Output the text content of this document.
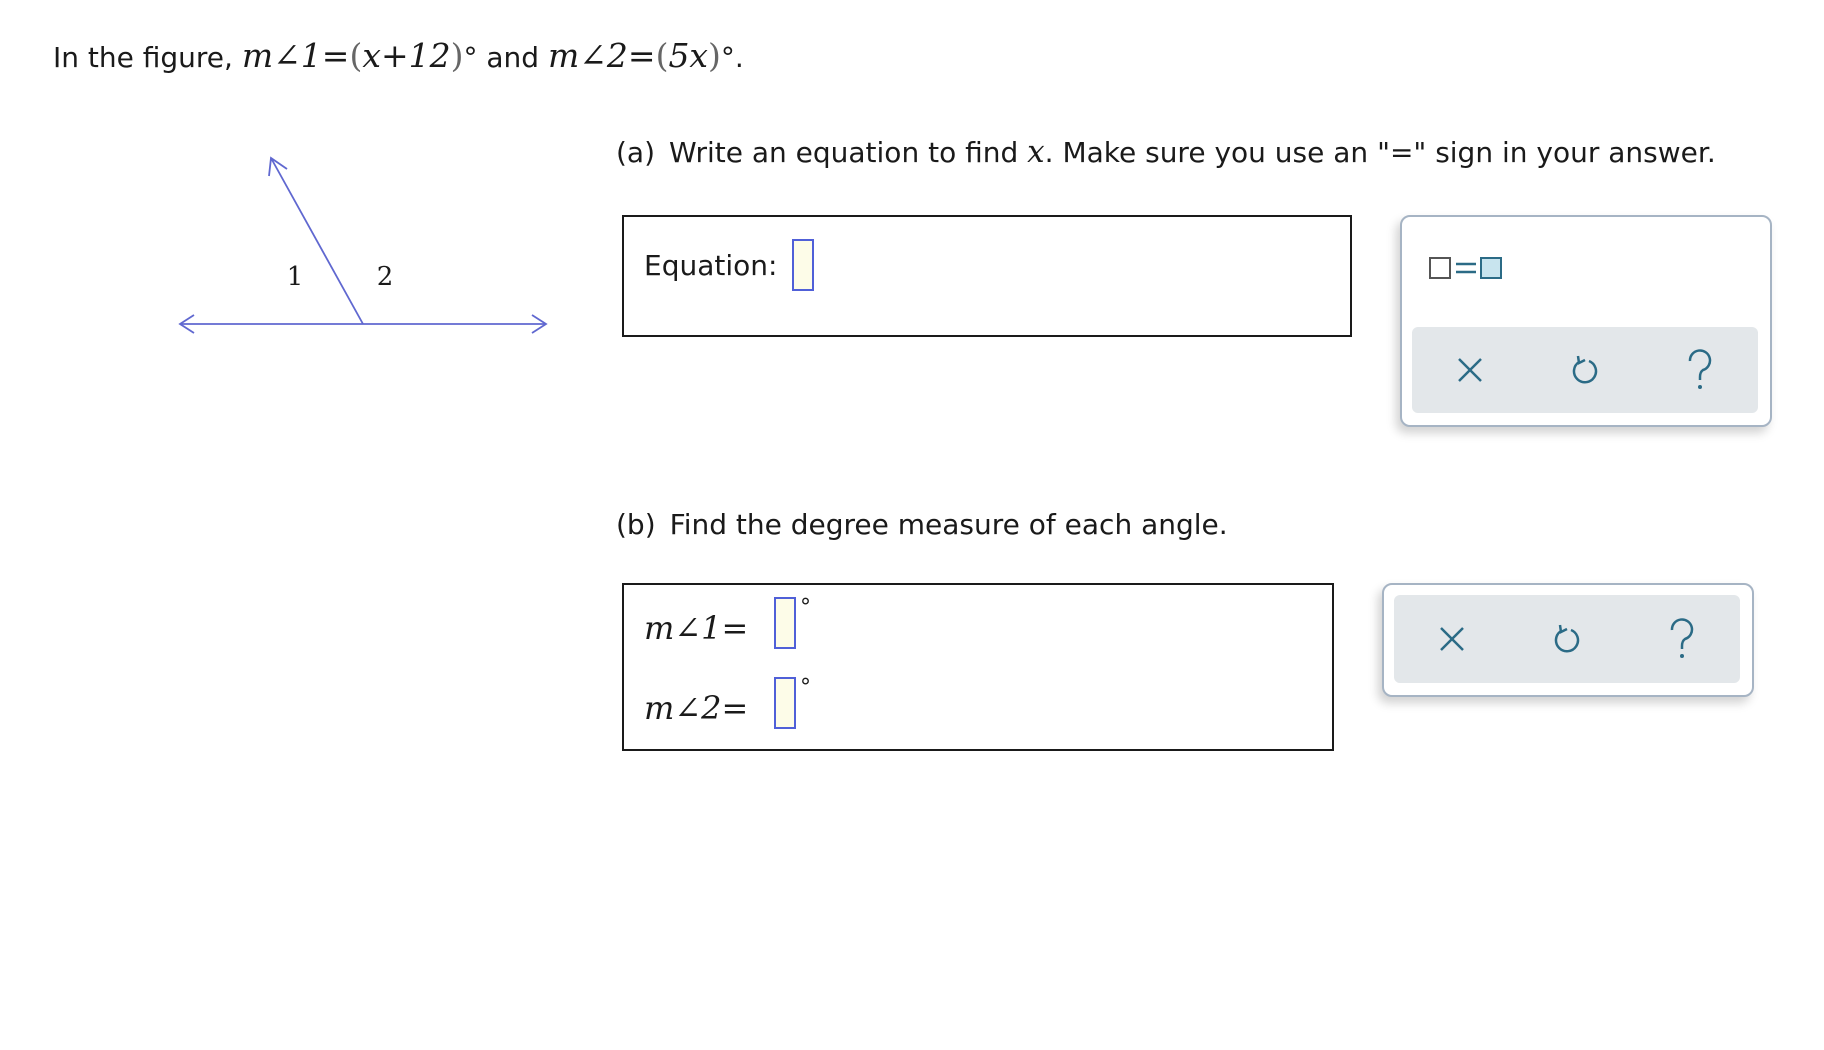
In the figure, m∠1=(x+12)° and m∠2=(5x)°.
1	2
(a) Write an equation to find x. Make sure you use an "=" sign in your answer.
Equation:
(b) Find the degree measure of each angle.
m∠1=
°
m∠2=
°
